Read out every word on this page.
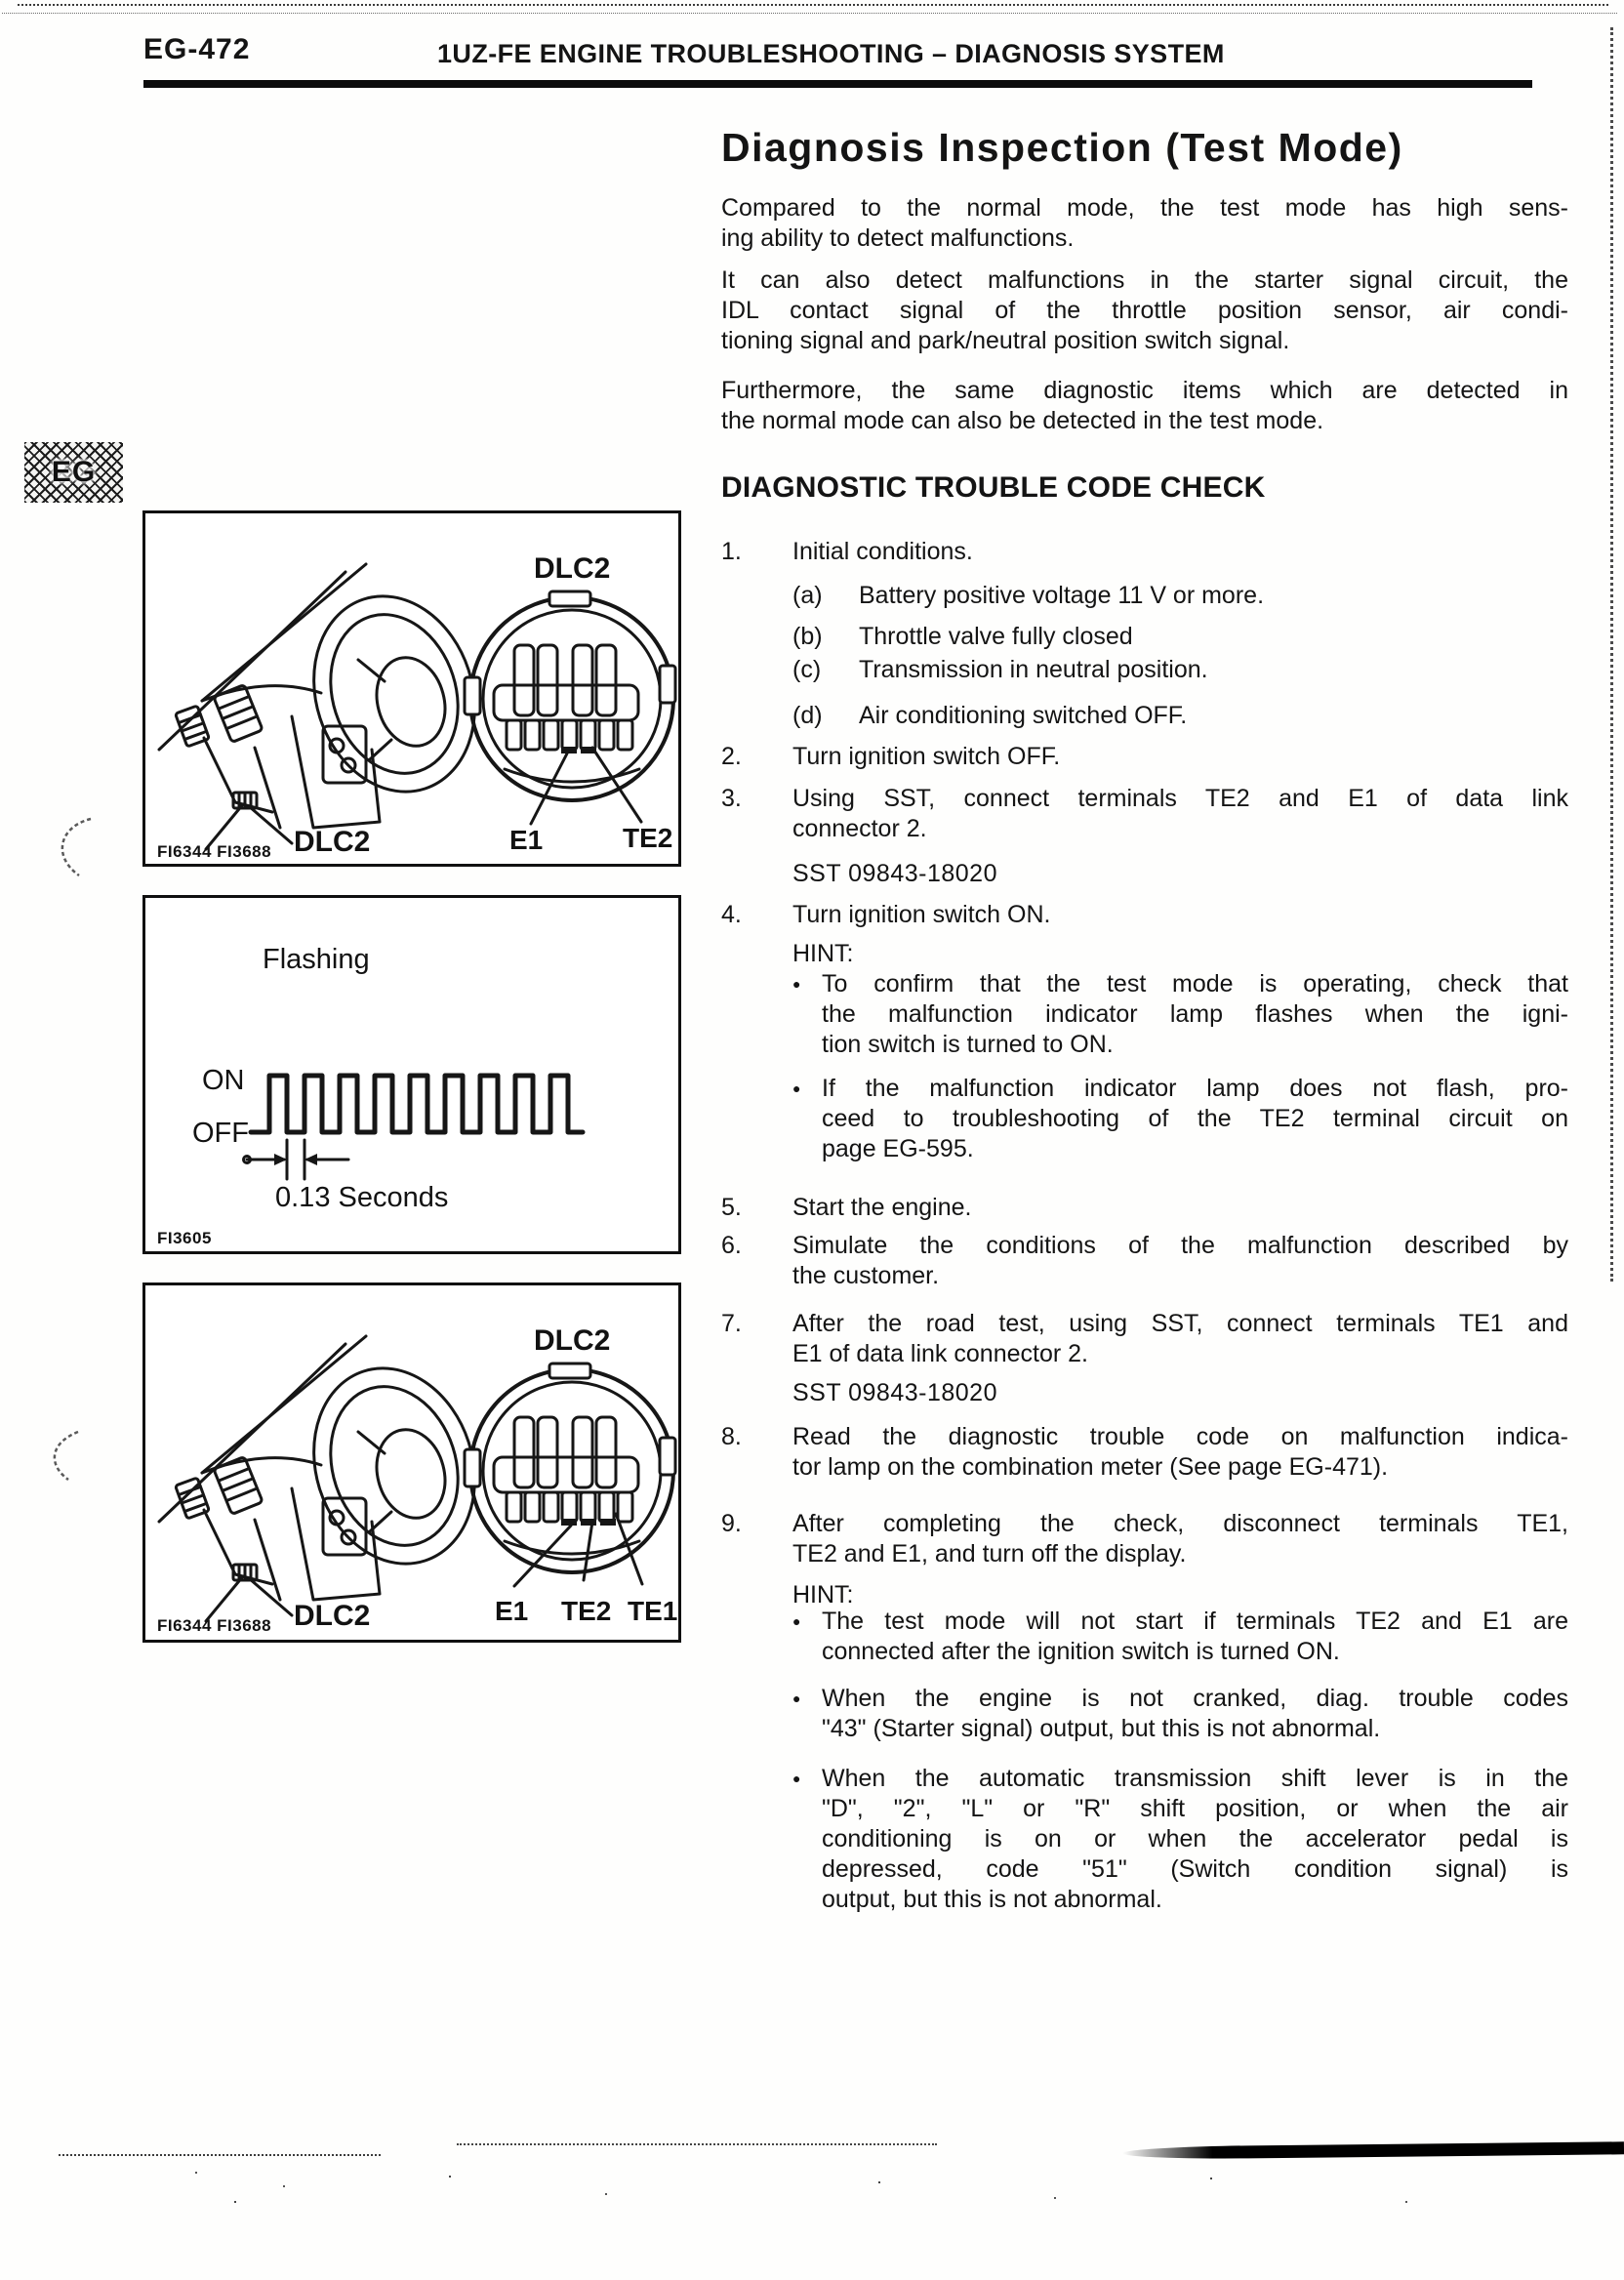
EG-472	1UZ-FE ENGINE TROUBLESHOOTING – DIAGNOSIS SYSTEM
EG
DLC2
E1	TE2
DLC2
FI6344 FI3688
Flashing
ON
OFF
0.13 Seconds
FI3605
DLC2
E1 TE2 TE1
DLC2
FI6344 FI3688
Diagnosis Inspection (Test Mode)
Compared to the normal mode, the test mode has high sens-
ing ability to detect malfunctions.
It can also detect malfunctions in the starter signal circuit, the
IDL contact signal of the throttle position sensor, air condi-
tioning signal and park/neutral position switch signal.
Furthermore, the same diagnostic items which are detected in
the normal mode can also be detected in the test mode.
DIAGNOSTIC TROUBLE CODE CHECK
1.	Initial conditions.
(a)	Battery positive voltage 11 V or more.
(b)	Throttle valve fully closed
(c)	Transmission in neutral position.
(d)	Air conditioning switched OFF.
2.	Turn ignition switch OFF.
3.	Using SST, connect terminals TE2 and E1 of data link
connector 2.
SST 09843-18020
4.	Turn ignition switch ON.
HINT:
● To confirm that the test mode is operating, check that
the malfunction indicator lamp flashes when the igni-
tion switch is turned to ON.
● If the malfunction indicator lamp does not flash, pro-
ceed to troubleshooting of the TE2 terminal circuit on
page EG-595.
5.	Start the engine.
6.	Simulate the conditions of the malfunction described by
the customer.
7.	After the road test, using SST, connect terminals TE1 and
E1 of data link connector 2.
SST 09843-18020
8.	Read the diagnostic trouble code on malfunction indica-
tor lamp on the combination meter (See page EG-471).
9.	After completing the check, disconnect terminals TE1,
TE2 and E1, and turn off the display.
HINT:
● The test mode will not start if terminals TE2 and E1 are
connected after the ignition switch is turned ON.
● When the engine is not cranked, diag. trouble codes
"43" (Starter signal) output, but this is not abnormal.
● When the automatic transmission shift lever is in the
"D", "2", "L" or "R" shift position, or when the air
conditioning is on or when the accelerator pedal is
depressed, code "51" (Switch condition signal) is
output, but this is not abnormal.
